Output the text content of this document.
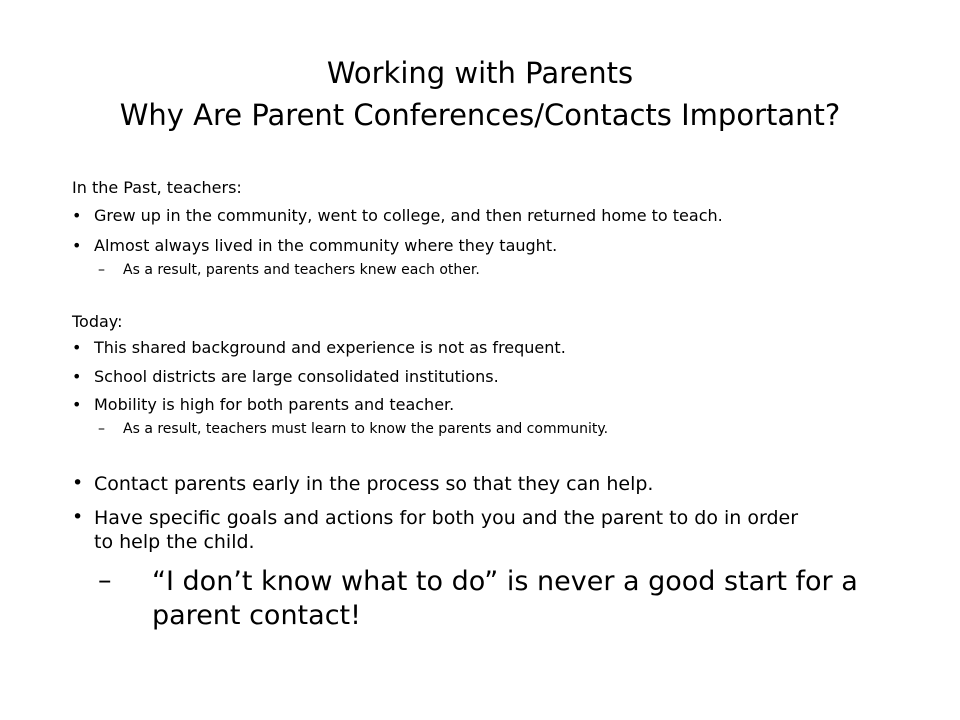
Working with Parents
Why Are Parent Conferences/Contacts Important?
In the Past, teachers:
• Grew up in the community, went to college, and then returned home to teach.
• Almost always lived in the community where they taught.
– As a result, parents and teachers knew each other.
Today:
• This shared background and experience is not as frequent.
• School districts are large consolidated institutions.
• Mobility is high for both parents and teacher.
– As a result, teachers must learn to know the parents and community.
• Contact parents early in the process so that they can help.
• Have specific goals and actions for both you and the parent to do in order
to help the child.
– “I don’t know what to do” is never a good start for a
parent contact!
